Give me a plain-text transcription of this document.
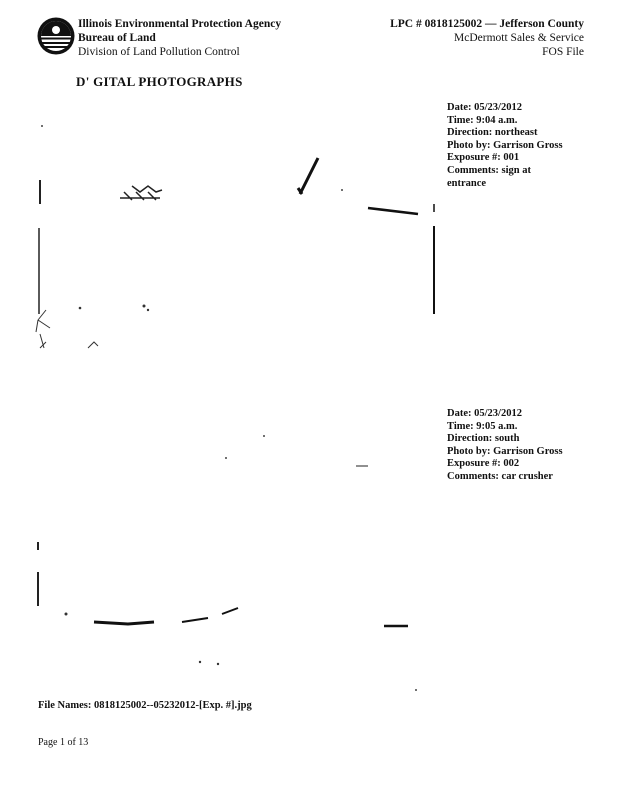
Illinois Environmental Protection Agency
Bureau of Land
Division of Land Pollution Control
LPC # 0818125002 — Jefferson County
McDermott Sales & Service
FOS File
D' GITAL PHOTOGRAPHS
Date: 05/23/2012
Time: 9:04 a.m.
Direction: northeast
Photo by: Garrison Gross
Exposure #: 001
Comments: sign at entrance
Date: 05/23/2012
Time: 9:05 a.m.
Direction: south
Photo by: Garrison Gross
Exposure #: 002
Comments: car crusher
File Names: 0818125002--05232012-[Exp. #].jpg
Page 1 of 13
